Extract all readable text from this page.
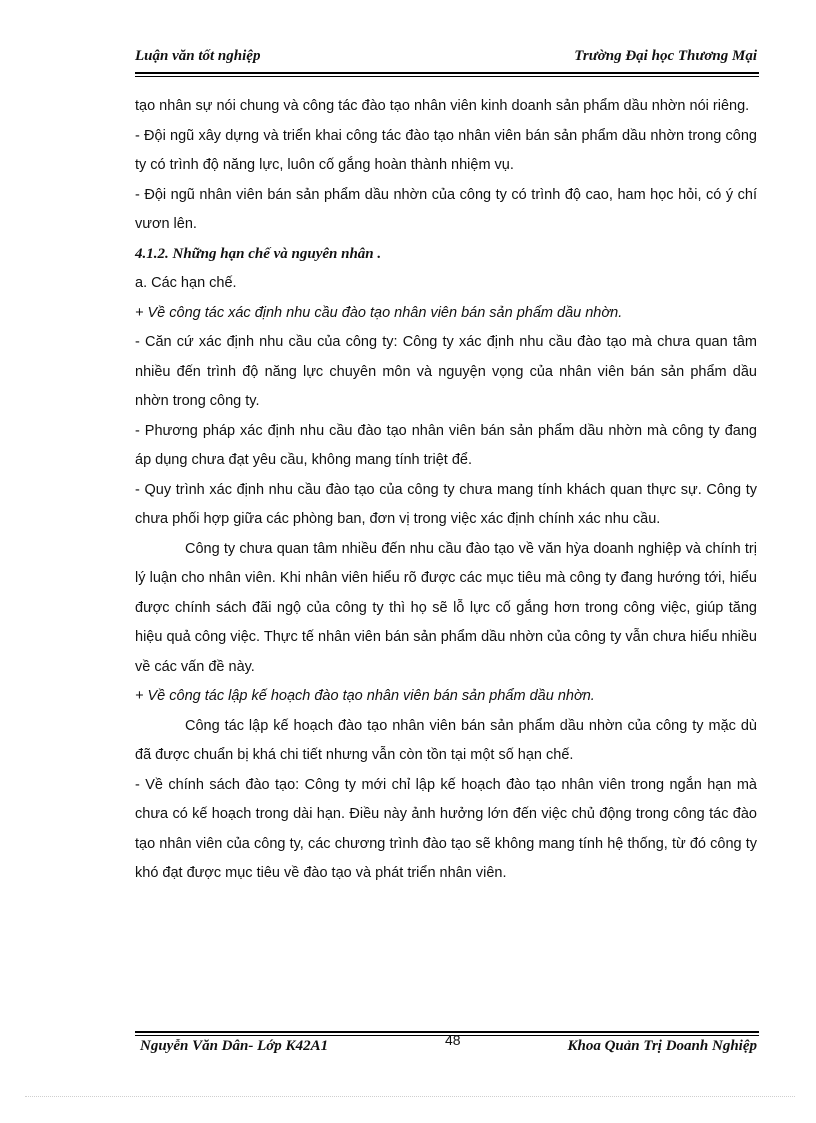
Luận văn tốt nghiệp	Trường Đại học Thương Mại

tạo nhân sự nói chung và công tác đào tạo nhân viên kinh doanh sản phẩm dầu nhờn nói riêng.

- Đội ngũ xây dựng và triển khai công tác đào tạo nhân viên bán sản phẩm dầu nhờn trong công ty có trình độ năng lực, luôn cố gắng hoàn thành nhiệm vụ.

- Đội ngũ nhân viên bán sản phẩm dầu nhờn của công ty có trình độ cao, ham học hỏi, có ý chí vươn lên.

4.1.2. Những hạn chế và nguyên nhân .

a. Các hạn chế.

+ Về công tác xác định nhu cầu đào tạo nhân viên bán sản phẩm dầu nhờn.

- Căn cứ xác định nhu cầu của công ty: Công ty xác định nhu cầu đào tạo mà chưa quan tâm nhiều đến trình độ năng lực chuyên môn và nguyện vọng của nhân viên bán sản phẩm dầu nhờn trong công ty.

- Phương pháp xác định nhu cầu đào tạo nhân viên bán sản phẩm dầu nhờn mà công ty đang áp dụng chưa đạt yêu cầu, không mang tính triệt để.

- Quy trình xác định nhu cầu đào tạo của công ty chưa mang tính khách quan thực sự. Công ty chưa phối hợp giữa các phòng ban, đơn vị trong việc xác định chính xác nhu cầu.

Công ty chưa quan tâm nhiều đến nhu cầu đào tạo về văn hỳa doanh nghiệp và chính trị lý luận cho nhân viên. Khi nhân viên hiểu rõ được các mục tiêu mà công ty đang hướng tới, hiểu được chính sách đãi ngộ của công ty thì họ sẽ lỗ lực cố gắng hơn trong công việc, giúp tăng hiệu quả công việc. Thực tế nhân viên bán sản phẩm dầu nhờn của công ty vẫn chưa hiểu nhiều về các vấn đề này.

+ Về công tác lập kế hoạch đào tạo nhân viên bán sản phẩm dầu nhờn.

Công tác lập kế hoạch đào tạo nhân viên bán sản phẩm dầu nhờn của công ty mặc dù đã được chuẩn bị khá chi tiết nhưng vẫn còn tồn tại một số hạn chế.

- Về chính sách đào tạo: Công ty mới chỉ lập kế hoạch đào tạo nhân viên trong ngắn hạn mà chưa có kế hoạch trong dài hạn. Điều này ảnh hưởng lớn đến việc chủ động trong công tác đào tạo nhân viên của công ty, các chương trình đào tạo sẽ không mang tính hệ thống, từ đó công ty khó đạt được mục tiêu về đào tạo và phát triển nhân viên.

Nguyễn Văn Dân- Lớp K42A1	48	Khoa Quản Trị Doanh Nghiệp
